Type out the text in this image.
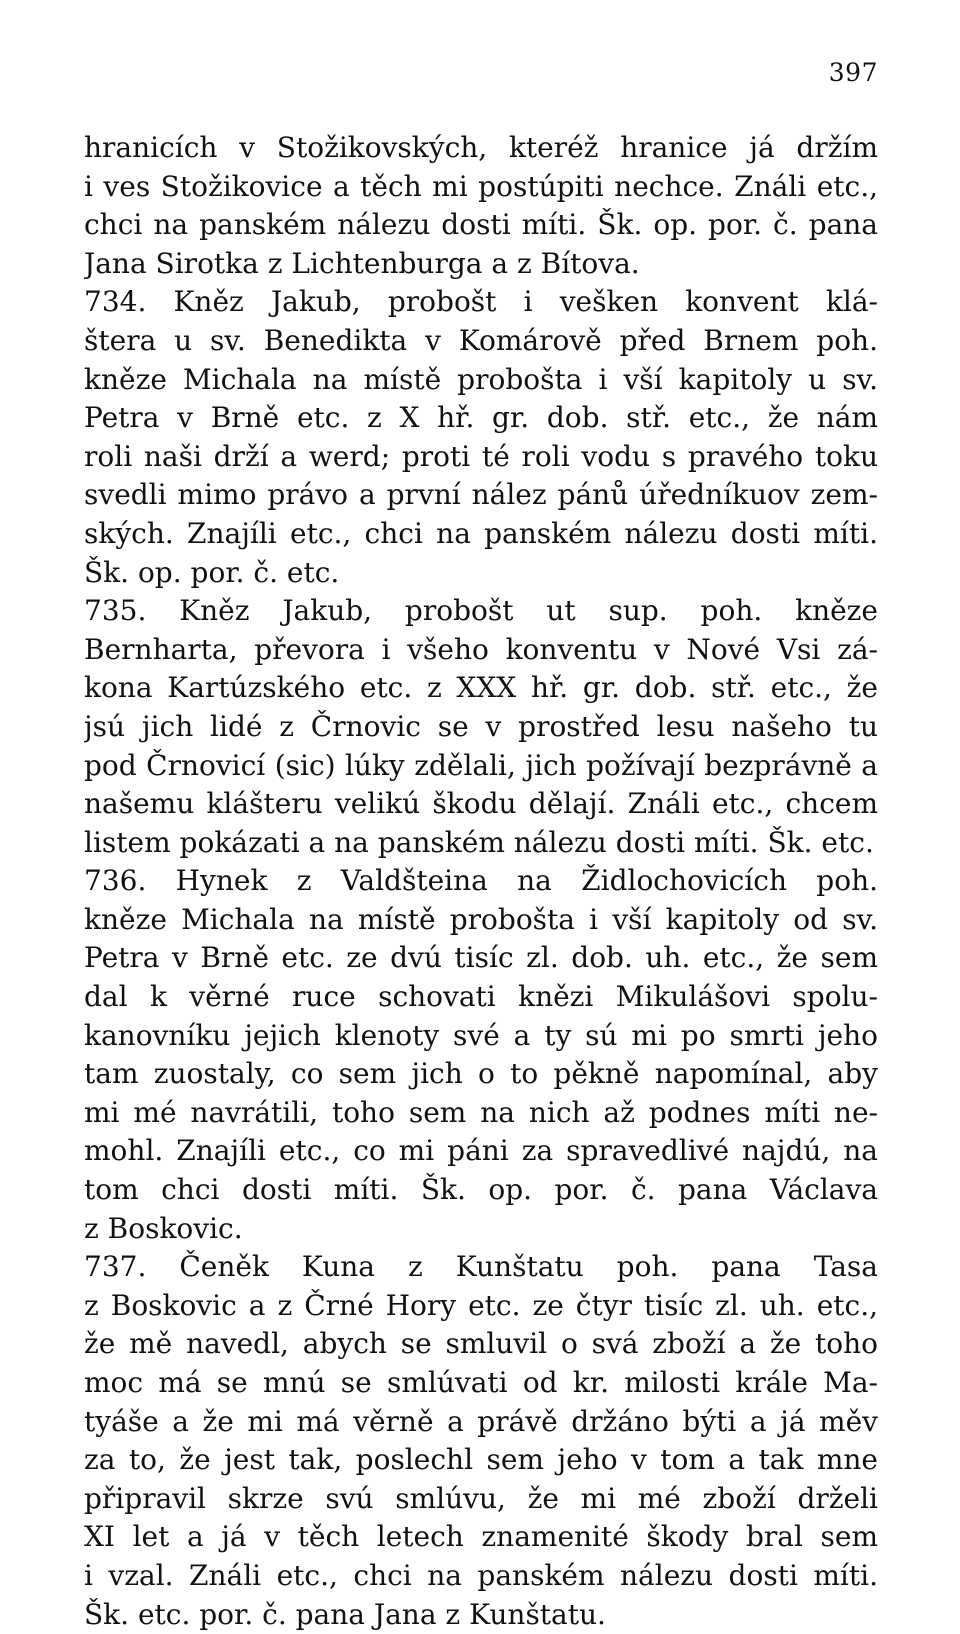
397
hranicích v Stožikovských, kteréž hranice já držím
i ves Stožikovice a těch mi postúpiti nechce. Ználi etc.,
chci na panském nálezu dosti míti. Šk. op. por. č. pana
Jana Sirotka z Lichtenburga a z Bítova.
734. Kněz Jakub, probošt i vešken konvent klá-
štera u sv. Benedikta v Komárově před Brnem poh.
kněze Michala na místě probošta i vší kapitoly u sv.
Petra v Brně etc. z X hř. gr. dob. stř. etc., že nám
roli naši drží a werd; proti té roli vodu s pravého toku
svedli mimo právo a první nález pánů úředníkuov zem-
ských. Znajíli etc., chci na panském nálezu dosti míti.
Šk. op. por. č. etc.
735. Kněz Jakub, probošt ut sup. poh. kněze
Bernharta, převora i všeho konventu v Nové Vsi zá-
kona Kartúzského etc. z XXX hř. gr. dob. stř. etc., že
jsú jich lidé z Črnovic se v prostřed lesu našeho tu
pod Črnovicí (sic) lúky zdělali, jich požívají bezprávně a
našemu klášteru velikú škodu dělají. Ználi etc., chcem
listem pokázati a na panském nálezu dosti míti. Šk. etc.
736. Hynek z Valdšteina na Židlochovicích poh.
kněze Michala na místě probošta i vší kapitoly od sv.
Petra v Brně etc. ze dvú tisíc zl. dob. uh. etc., že sem
dal k věrné ruce schovati knězi Mikulášovi spolu-
kanovníku jejich klenoty své a ty sú mi po smrti jeho
tam zuostaly, co sem jich o to pěkně napomínal, aby
mi mé navrátili, toho sem na nich až podnes míti ne-
mohl. Znajíli etc., co mi páni za spravedlivé najdú, na
tom chci dosti míti. Šk. op. por. č. pana Václava
z Boskovic.
737. Čeněk Kuna z Kunštatu poh. pana Tasa
z Boskovic a z Črné Hory etc. ze čtyr tisíc zl. uh. etc.,
že mě navedl, abych se smluvil o svá zboží a že toho
moc má se mnú se smlúvati od kr. milosti krále Ma-
tyáše a že mi má věrně a právě držáno býti a já měv
za to, že jest tak, poslechl sem jeho v tom a tak mne
připravil skrze svú smlúvu, že mi mé zboží drželi
XI let a já v těch letech znamenité škody bral sem
i vzal. Ználi etc., chci na panském nálezu dosti míti.
Šk. etc. por. č. pana Jana z Kunštatu.
